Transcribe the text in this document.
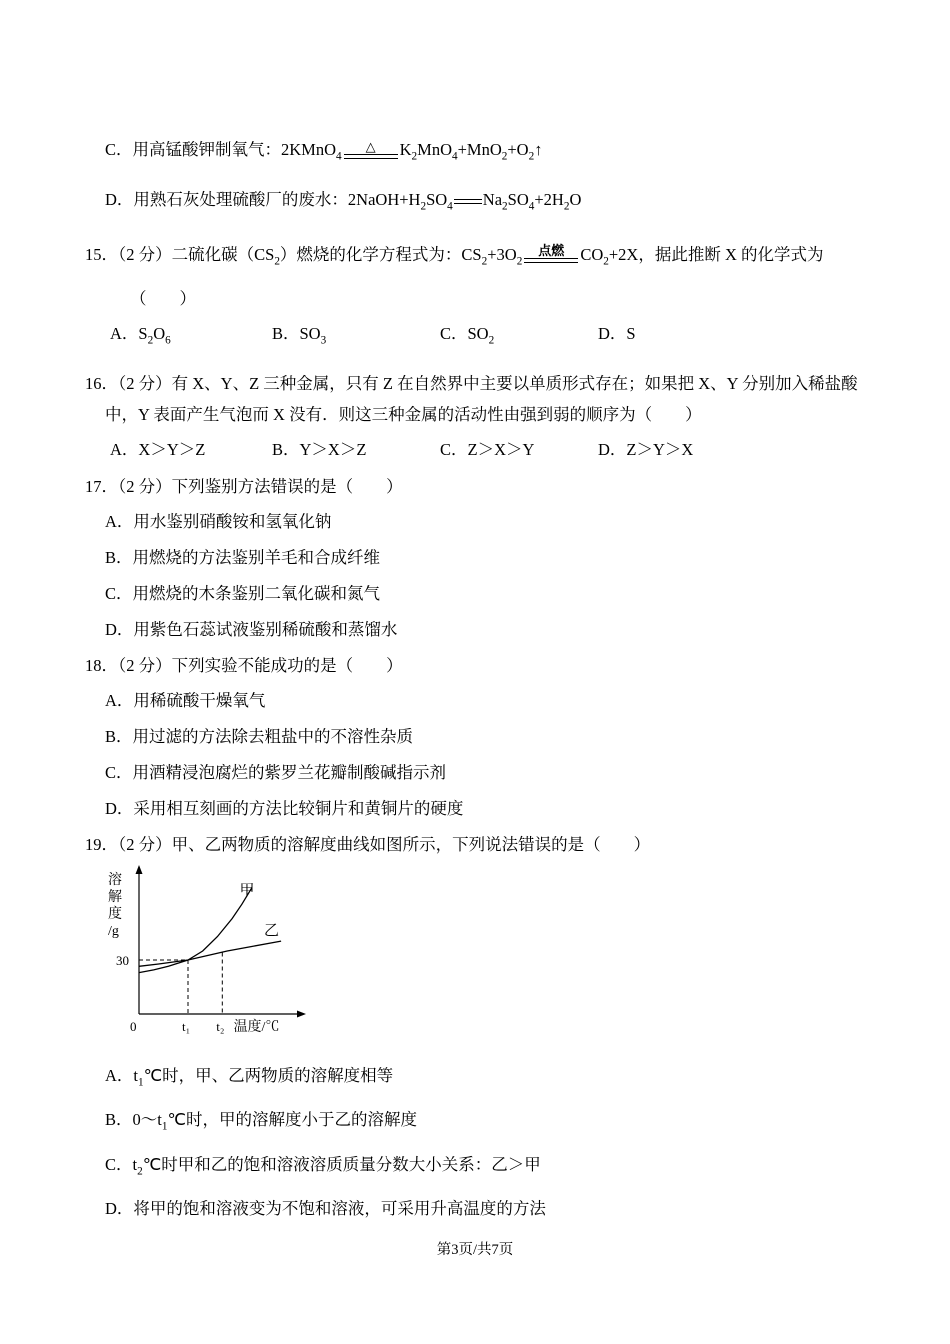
C．用高锰酸钾制氧气：2KMnO$_4$
△ $K_2MnO_4+MnO_2+O_2↑$
D．用熟石灰处理硫酸厂的废水：$2NaOH+H_2SO_4$ $Na_2SO_4+2H_2O$
15．（2 分）二硫化碳$(CS_2)$燃烧的化学方程式为：$CS_2+3O_2$
点燃 $CO_2+2X$，据此推断 X 的化学式为
（　　）
A．$S_2O_6$	B．$SO_3$	C．$SO_2$	D．S
16．（2 分）有 X、Y、Z 三种金属，只有 Z 在自然界中主要以单质形式存在；如果把 X、Y 分别加入稀盐酸
中，Y 表面产生气泡而 X 没有．则这三种金属的活动性由强到弱的顺序为（　　）
A．X＞Y＞Z	B．Y＞X＞Z	C．Z＞X＞Y	D．Z＞Y＞X
17．（2 分）下列鉴别方法错误的是（　　）
A．用水鉴别硝酸铵和氢氧化钠
B．用燃烧的方法鉴别羊毛和合成纤维
C．用燃烧的木条鉴别二氧化碳和氮气
D．用紫色石蕊试液鉴别稀硫酸和蒸馏水
18．（2 分）下列实验不能成功的是（　　）
A．用稀硫酸干燥氧气
B．用过滤的方法除去粗盐中的不溶性杂质
C．用酒精浸泡腐烂的紫罗兰花瓣制酸碱指示剂
D．采用相互刻画的方法比较铜片和黄铜片的硬度
19．（2 分）甲、乙两物质的溶解度曲线如图所示，下列说法错误的是（　　）
甲
乙
0	t₁ t₂
30
温度/℃
溶
解
度
/g
A．$t_1℃$时，甲、乙两物质的溶解度相等
B．$0\sim t_1℃$时，甲的溶解度小于乙的溶解度
C．$t_2℃$时甲和乙的饱和溶液溶质质量分数大小关系：乙＞甲
D．将甲的饱和溶液变为不饱和溶液，可采用升高温度的方法
第3页/共7页
